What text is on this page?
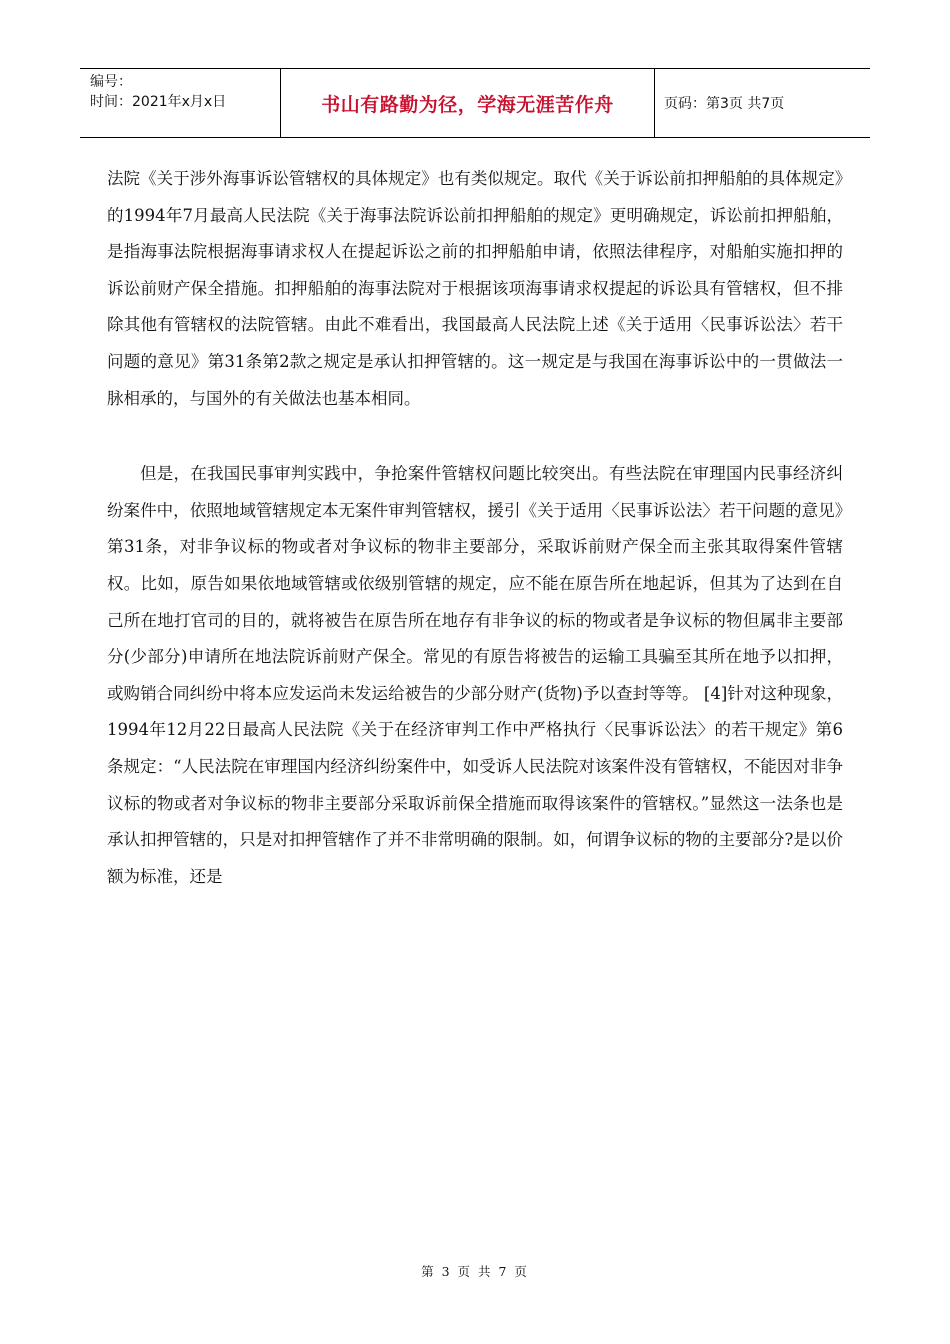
编号：
时间：2021年x月x日	书山有路勤为径，学海无涯苦作舟	页码：第3页 共7页

法院《关于涉外海事诉讼管辖权的具体规定》也有类似规定。取代《关于诉讼前扣押船舶的具体规定》的1994年7月最高人民法院《关于海事法院诉讼前扣押船舶的规定》更明确规定，诉讼前扣押船舶，是指海事法院根据海事请求权人在提起诉讼之前的扣押船舶申请，依照法律程序，对船舶实施扣押的诉讼前财产保全措施。扣押船舶的海事法院对于根据该项海事请求权提起的诉讼具有管辖权，但不排除其他有管辖权的法院管辖。由此不难看出，我国最高人民法院上述《关于适用〈民事诉讼法〉若干问题的意见》第31条第2款之规定是承认扣押管辖的。这一规定是与我国在海事诉讼中的一贯做法一脉相承的，与国外的有关做法也基本相同。

但是，在我国民事审判实践中，争抢案件管辖权问题比较突出。有些法院在审理国内民事经济纠纷案件中，依照地域管辖规定本无案件审判管辖权，援引《关于适用〈民事诉讼法〉若干问题的意见》第31条，对非争议标的物或者对争议标的物非主要部分，采取诉前财产保全而主张其取得案件管辖权。比如，原告如果依地域管辖或依级别管辖的规定，应不能在原告所在地起诉，但其为了达到在自己所在地打官司的目的，就将被告在原告所在地存有非争议的标的物或者是争议标的物但属非主要部分(少部分)申请所在地法院诉前财产保全。常见的有原告将被告的运输工具骗至其所在地予以扣押，或购销合同纠纷中将本应发运尚未发运给被告的少部分财产(货物)予以查封等等。 [4]针对这种现象，1994年12月22日最高人民法院《关于在经济审判工作中严格执行〈民事诉讼法〉的若干规定》第6条规定：“人民法院在审理国内经济纠纷案件中，如受诉人民法院对该案件没有管辖权，不能因对非争议标的物或者对争议标的物非主要部分采取诉前保全措施而取得该案件的管辖权。”显然这一法条也是承认扣押管辖的，只是对扣押管辖作了并不非常明确的限制。如，何谓争议标的物的主要部分?是以价额为标准，还是

第 3 页 共 7 页
